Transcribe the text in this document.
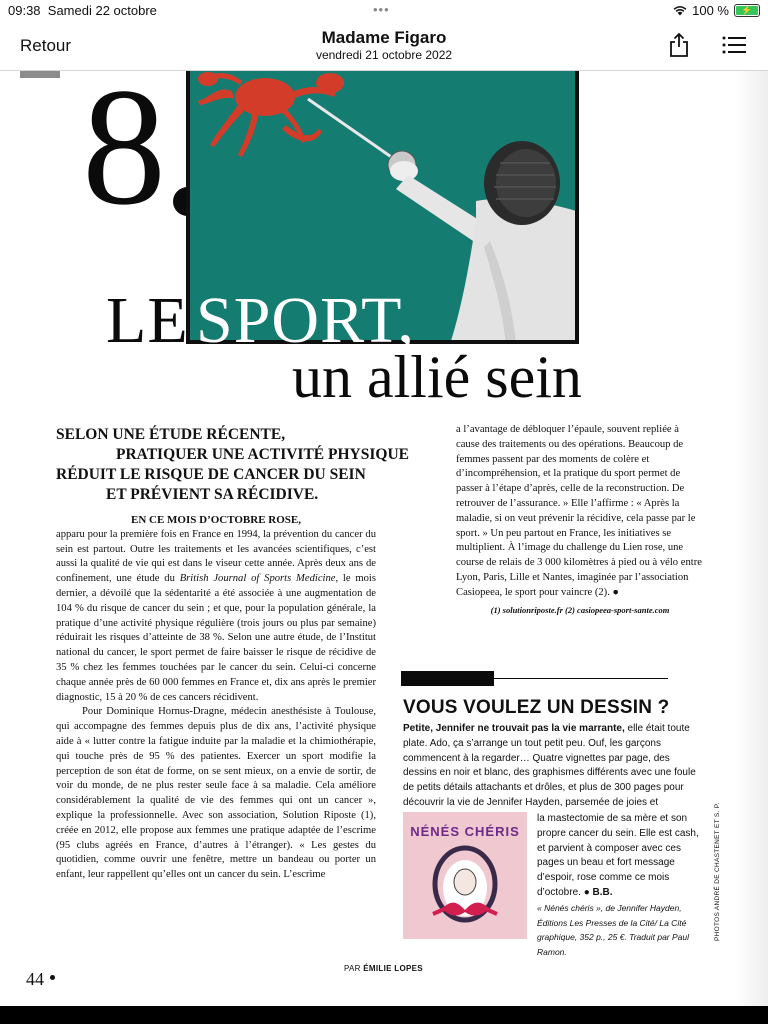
09:38 Samedi 22 octobre	•••	100 %	⚡
Retour	Madame Figaro
vendredi 21 octobre 2022
8
LE SPORT,
un allié sein
SELON UNE ÉTUDE RÉCENTE,
PRATIQUER UNE ACTIVITÉ PHYSIQUE
RÉDUIT LE RISQUE DE CANCER DU SEIN
ET PRÉVIENT SA RÉCIDIVE.
EN CE MOIS D’OCTOBRE ROSE,

apparu pour la première fois en France en 1994, la prévention du cancer du sein est partout. Outre les traitements et les avancées scientifiques, c’est aussi la qualité de vie qui est dans le viseur cette année. Après deux ans de confinement, une étude du British Journal of Sports Medicine, le mois dernier, a dévoilé que la sédentarité a été associée à une augmentation de 104 % du risque de cancer du sein ; et que, pour la population générale, la pratique d’une activité physique régulière (trois jours ou plus par semaine) réduirait les risques d’atteinte de 38 %. Selon une autre étude, de l’Institut national du cancer, le sport permet de faire baisser le risque de récidive de 35 % chez les femmes touchées par le cancer du sein. Celui-ci concerne chaque année près de 60 000 femmes en France et, dix ans après le premier diagnostic, 15 à 20 % de ces cancers récidivent.

Pour Dominique Hornus-Dragne, médecin anesthésiste à Toulouse, qui accompagne des femmes depuis plus de dix ans, l’activité physique aide à « lutter contre la fatigue induite par la maladie et la chimiothérapie, qui touche près de 95 % des patientes. Exercer un sport modifie la perception de son état de forme, on se sent mieux, on a envie de sortir, de voir du monde, de ne plus rester seule face à sa maladie. Cela améliore considérablement la qualité de vie des femmes qui ont un cancer », explique la professionnelle. Avec son association, Solution Riposte (1), créée en 2012, elle propose aux femmes une pratique adaptée de l’escrime (95 clubs agréés en France, d’autres à l’étranger). « Les gestes du quotidien, comme ouvrir une fenêtre, mettre un bandeau ou porter un enfant, leur rappellent qu’elles ont un cancer du sein. L’escrime

a l’avantage de débloquer l’épaule, souvent repliée à cause des traitements ou des opérations. Beaucoup de femmes passent par des moments de colère et d’incompréhension, et la pratique du sport permet de passer à l’étape d’après, celle de la reconstruction. De retrouver de l’assurance. » Elle l’affirme : « Après la maladie, si on veut prévenir la récidive, cela passe par le sport. » Un peu partout en France, les initiatives se multiplient. À l’image du challenge du Lien rose, une course de relais de 3 000 kilomètres à pied ou à vélo entre Lyon, Paris, Lille et Nantes, imaginée par l’association Casiopeea, le sport pour vaincre (2). ●

(1) solutionriposte.fr (2) casiopeea-sport-sante.com

VOUS VOULEZ UN DESSIN ?
Petite, Jennifer ne trouvait pas la vie marrante, elle était toute plate. Ado, ça s’arrange un tout petit peu. Ouf, les garçons commencent à la regarder… Quatre vignettes par page, des dessins en noir et blanc, des graphismes différents avec une foule de petits détails attachants et drôles, et plus de 300 pages pour découvrir la vie de Jennifer Hayden, parsemée de joies et
NÉNÉS CHÉRIS
la mastectomie de sa mère et son propre cancer du sein. Elle est cash, et parvient à composer avec ces pages un beau et fort message d’espoir, rose comme ce mois d’octobre. ● B.B.
« Nénés chéris », de Jennifer Hayden, Éditions Les Presses de la Cité/ La Cité graphique, 352 p., 25 €. Traduit par Paul Ramon.
PHOTOS ANDRÉ DE CHASTENET ET S. P.
44
PAR ÉMILIE LOPES
